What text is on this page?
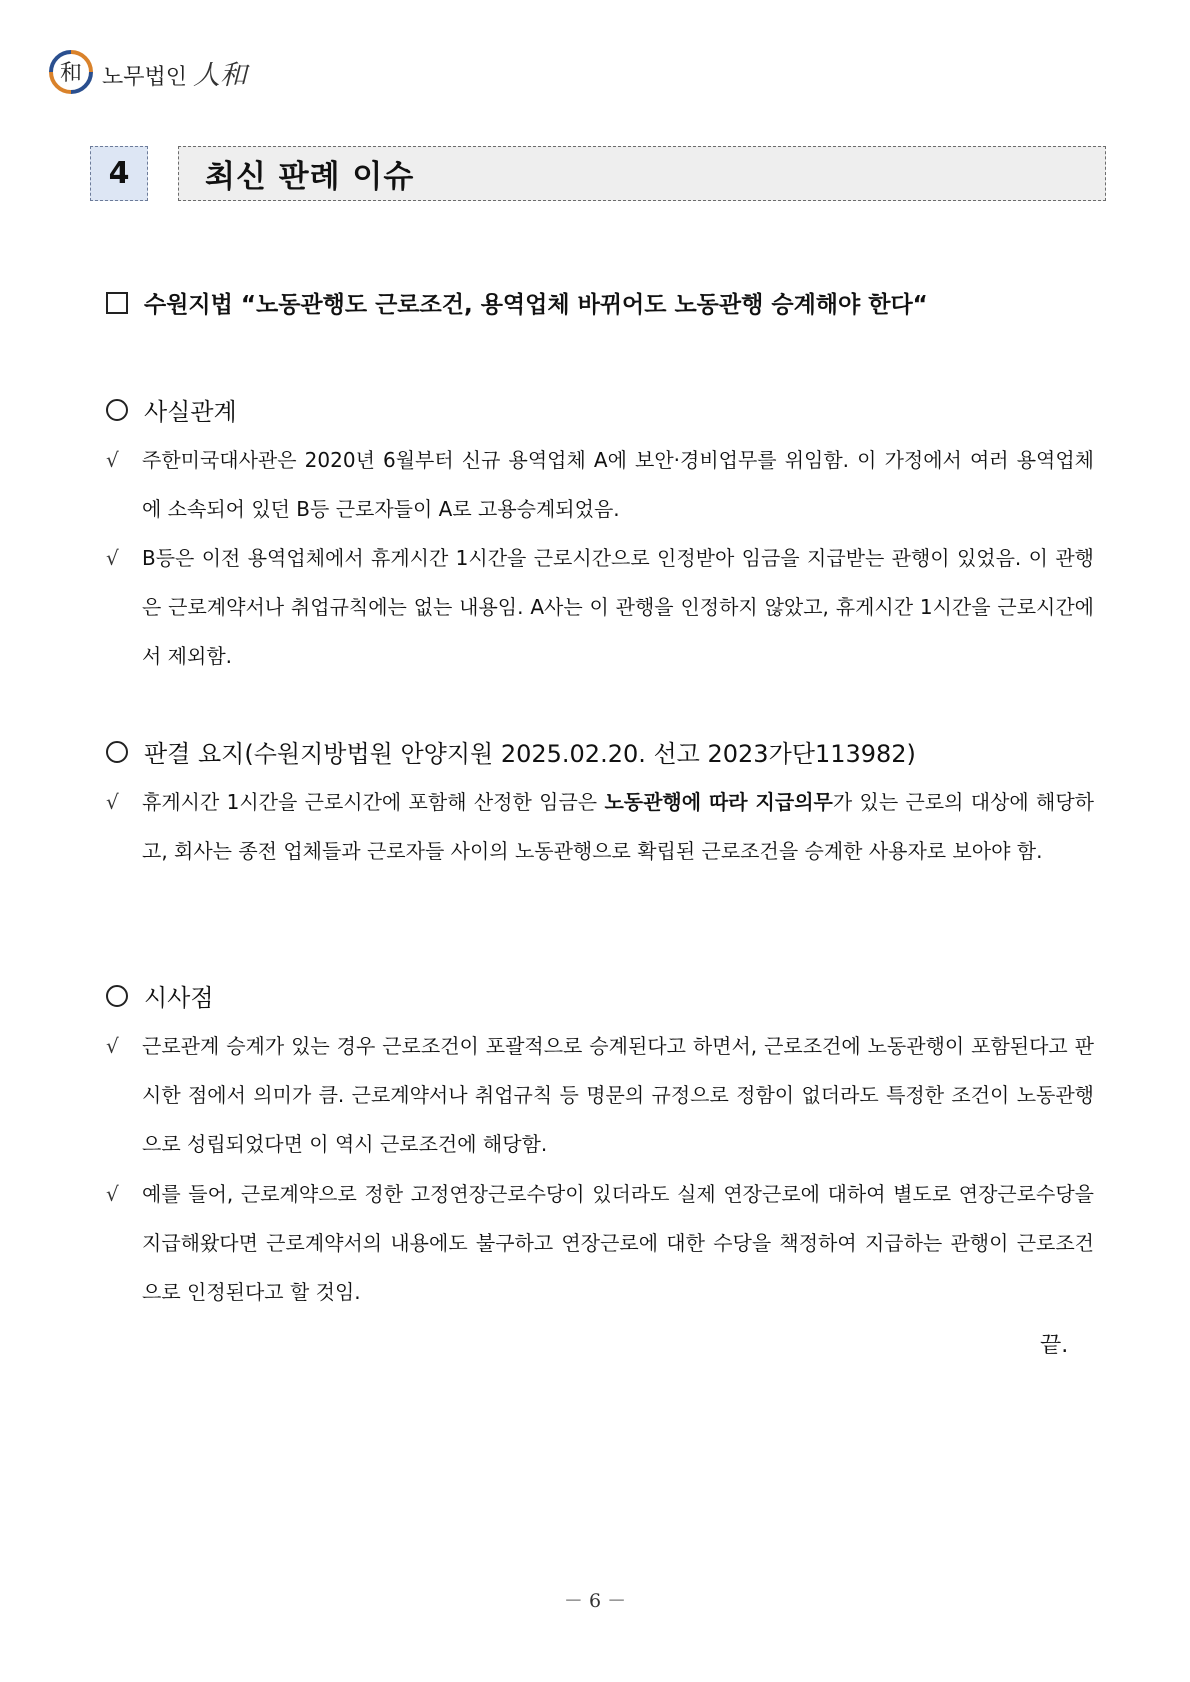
和 노무법인 人和
4	최신 판례 이슈
수원지법 “노동관행도 근로조건, 용역업체 바뀌어도 노동관행 승계해야 한다“
사실관계
√	주한미국대사관은 2020년 6월부터 신규 용역업체 A에 보안·경비업무를 위임함. 이 가정에서 여러 용역업체에 소속되어 있던 B등 근로자들이 A로 고용승계되었음.
√	B등은 이전 용역업체에서 휴게시간 1시간을 근로시간으로 인정받아 임금을 지급받는 관행이 있었음. 이 관행은 근로계약서나 취업규칙에는 없는 내용임. A사는 이 관행을 인정하지 않았고, 휴게시간 1시간을 근로시간에서 제외함.
판결 요지(수원지방법원 안양지원 2025.02.20. 선고 2023가단113982)
√	휴게시간 1시간을 근로시간에 포함해 산정한 임금은 노동관행에 따라 지급의무가 있는 근로의 대상에 해당하고, 회사는 종전 업체들과 근로자들 사이의 노동관행으로 확립된 근로조건을 승계한 사용자로 보아야 함.
시사점
√	근로관계 승계가 있는 경우 근로조건이 포괄적으로 승계된다고 하면서, 근로조건에 노동관행이 포함된다고 판시한 점에서 의미가 큼. 근로계약서나 취업규칙 등 명문의 규정으로 정함이 없더라도 특정한 조건이 노동관행으로 성립되었다면 이 역시 근로조건에 해당함.
√	예를 들어, 근로계약으로 정한 고정연장근로수당이 있더라도 실제 연장근로에 대하여 별도로 연장근로수당을 지급해왔다면 근로계약서의 내용에도 불구하고 연장근로에 대한 수당을 책정하여 지급하는 관행이 근로조건으로 인정된다고 할 것임.
끝.
－ 6 －
